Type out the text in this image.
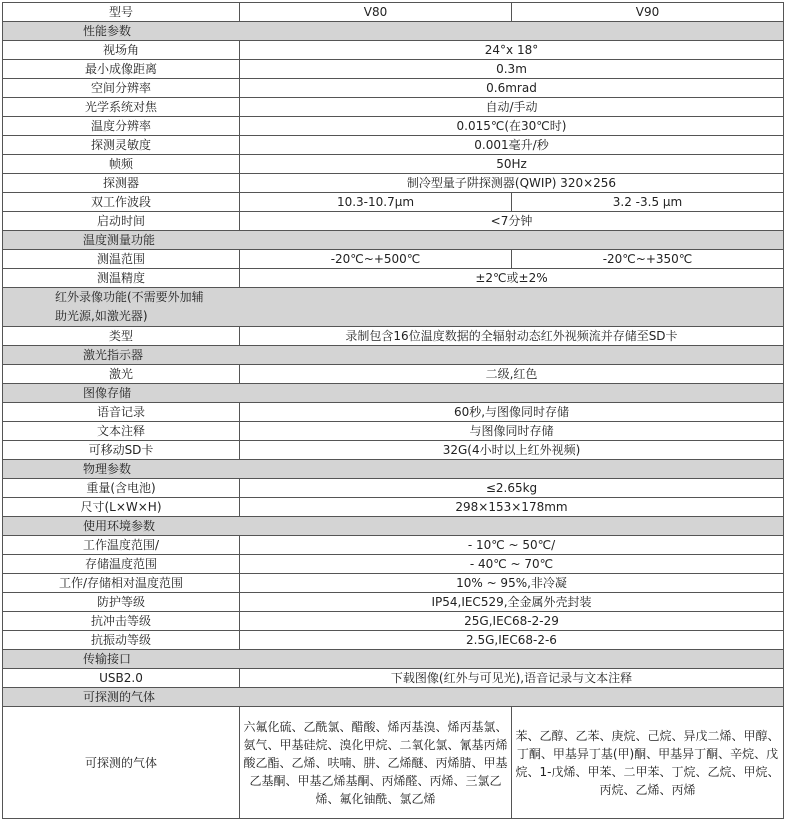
型号	V80	V90
性能参数		
视场角	24°x 18°	
最小成像距离	0.3m	
空间分辨率	0.6mrad	
光学系统对焦	自动/手动	
温度分辨率	0.015℃(在30℃时)	
探测灵敏度	0.001毫升/秒	
帧频	50Hz	
探测器	制冷型量子阱探测器(QWIP) 320×256	
双工作波段	10.3-10.7μm	3.2 -3.5 μm
启动时间	<7分钟	
温度测量功能		
测温范围	-20℃~+500℃	-20℃~+350℃
测温精度	±2℃或±2%	

红外录像功能(不需要外加辅助光源,如激光器)		

类型	录制包含16位温度数据的全辐射动态红外视频流并存储至SD卡	
激光指示器		
激光	二级,红色	
图像存储		
语音记录	60秒,与图像同时存储	
文本注释	与图像同时存储	
可移动SD卡	32G(4小时以上红外视频)	
物理参数		
重量(含电池)	≤2.65kg	
尺寸(L×W×H)	298×153×178mm	
使用环境参数		
工作温度范围/	- 10℃ ~ 50℃/	
存储温度范围	- 40℃ ~ 70℃	
工作/存储相对温度范围	10% ~ 95%,非冷凝	
防护等级	IP54,IEC529,全金属外壳封装	
抗冲击等级	25G,IEC68-2-29	
抗振动等级	2.5G,IEC68-2-6	
传输接口		
USB2.0	下载图像(红外与可见光),语音记录与文本注释	
可探测的气体		
可探测的气体	六氟化硫、乙酰氯、醋酸、烯丙基溴、烯丙基氯、氨气、甲基硅烷、溴化甲烷、二氧化氯、氰基丙烯酸乙酯、乙烯、呋喃、肼、乙烯醚、丙烯腈、甲基乙基酮、甲基乙烯基酮、丙烯醛、丙烯、三氯乙烯、氟化铀酰、氯乙烯	苯、乙醇、乙苯、庚烷、己烷、异戊二烯、甲醇、丁酮、甲基异丁基(甲)酮、甲基异丁酮、辛烷、戊烷、1-戊烯、甲苯、二甲苯、丁烷、乙烷、甲烷、丙烷、乙烯、丙烯
